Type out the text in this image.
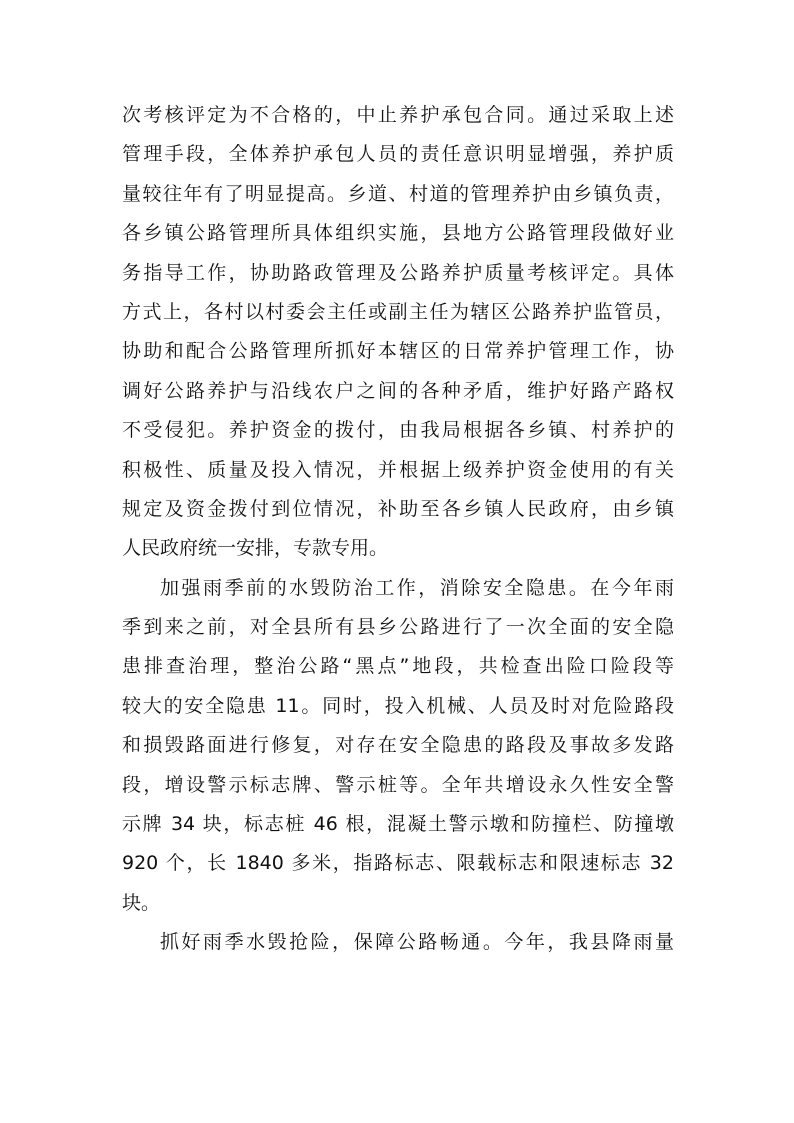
次考核评定为不合格的，中止养护承包合同。通过采取上述
管理手段，全体养护承包人员的责任意识明显增强，养护质
量较往年有了明显提高。乡道、村道的管理养护由乡镇负责，
各乡镇公路管理所具体组织实施，县地方公路管理段做好业
务指导工作，协助路政管理及公路养护质量考核评定。具体
方式上，各村以村委会主任或副主任为辖区公路养护监管员，
协助和配合公路管理所抓好本辖区的日常养护管理工作，协
调好公路养护与沿线农户之间的各种矛盾，维护好路产路权
不受侵犯。养护资金的拨付，由我局根据各乡镇、村养护的
积极性、质量及投入情况，并根据上级养护资金使用的有关
规定及资金拨付到位情况，补助至各乡镇人民政府，由乡镇
人民政府统一安排，专款专用。
加强雨季前的水毁防治工作，消除安全隐患。在今年雨
季到来之前，对全县所有县乡公路进行了一次全面的安全隐
患排查治理，整治公路“黑点”地段，共检查出险口险段等
较大的安全隐患 11。同时，投入机械、人员及时对危险路段
和损毁路面进行修复，对存在安全隐患的路段及事故多发路
段，增设警示标志牌、警示桩等。全年共增设永久性安全警
示牌 34 块，标志桩 46 根，混凝土警示墩和防撞栏、防撞墩
920 个，长 1840 多米，指路标志、限载标志和限速标志 32
块。
抓好雨季水毁抢险，保障公路畅通。今年，我县降雨量
